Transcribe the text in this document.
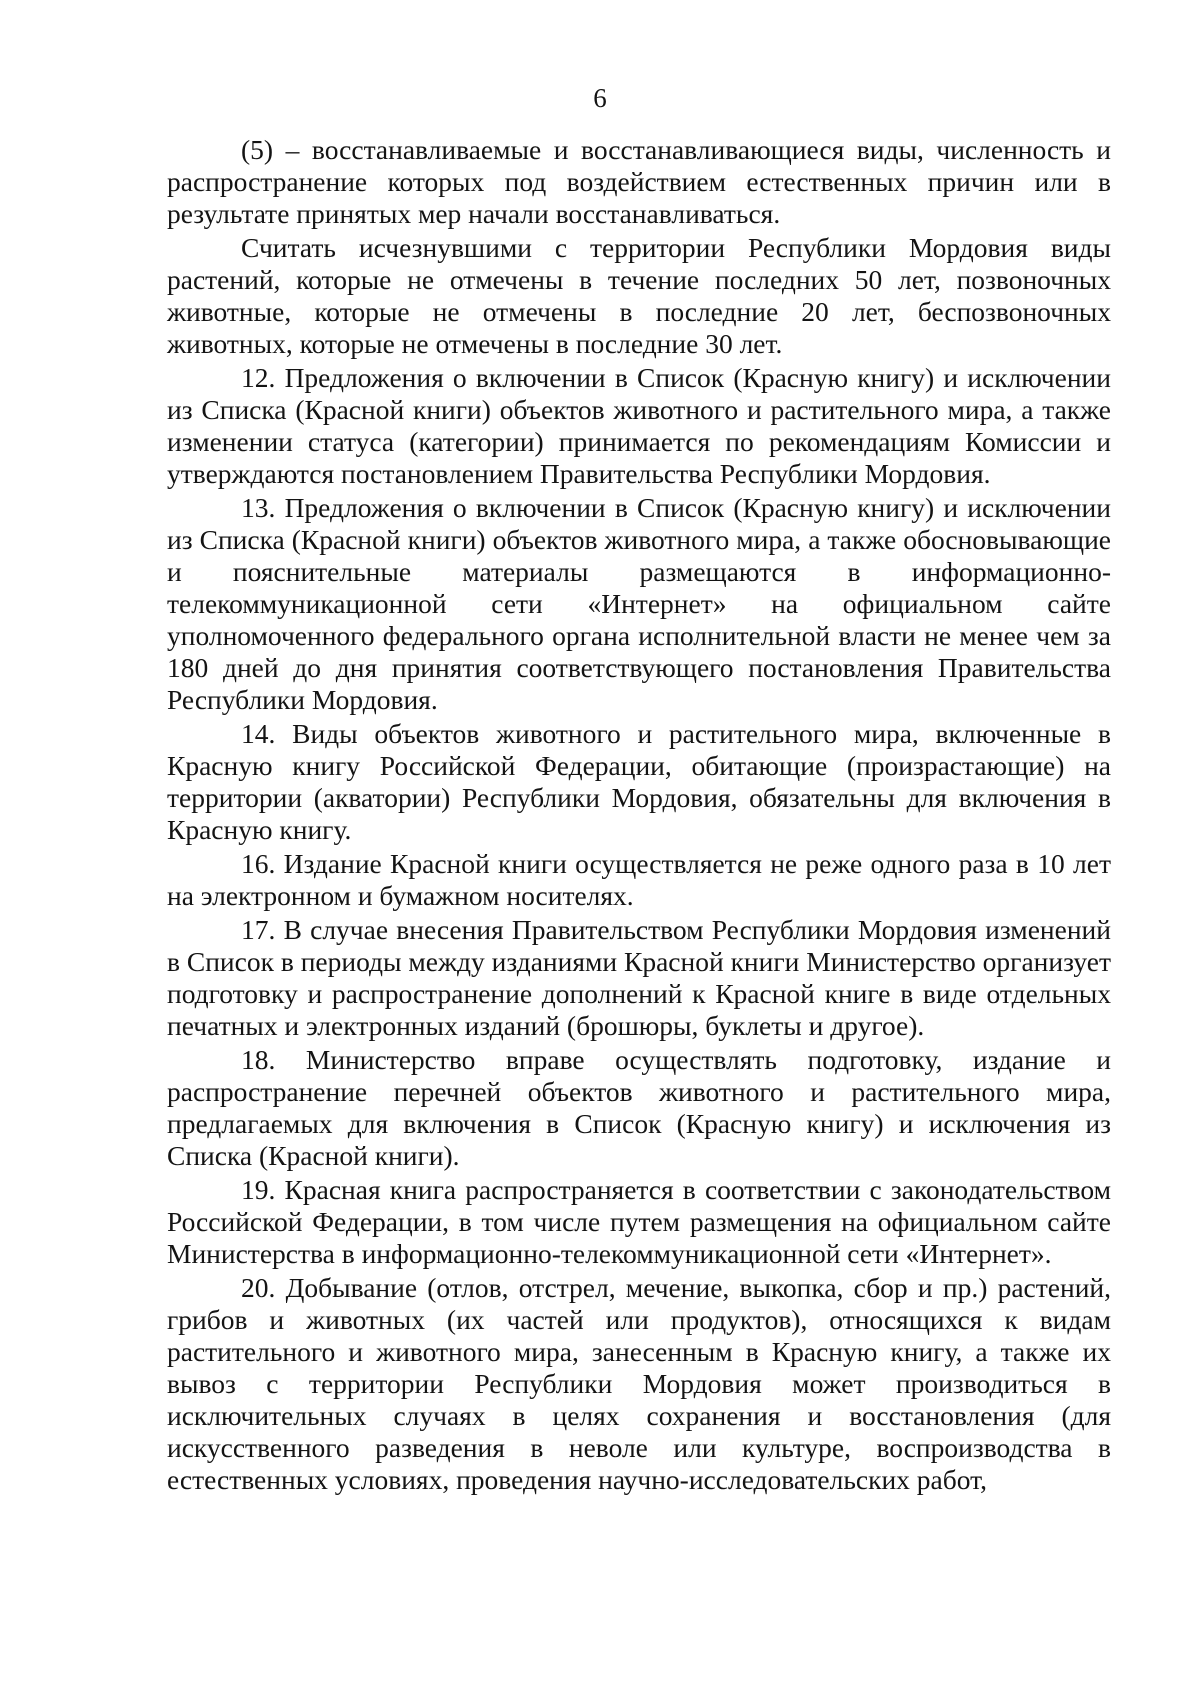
6

(5) – восстанавливаемые и восстанавливающиеся виды, численность и распространение которых под воздействием естественных причин или в результате принятых мер начали восстанавливаться.

Считать исчезнувшими с территории Республики Мордовия виды растений, которые не отмечены в течение последних 50 лет, позвоночных животные, которые не отмечены в последние 20 лет, беспозвоночных животных, которые не отмечены в последние 30 лет.

12. Предложения о включении в Список (Красную книгу) и исключении из Списка (Красной книги) объектов животного и растительного мира, а также изменении статуса (категории) принимается по рекомендациям Комиссии и утверждаются постановлением Правительства Республики Мордовия.

13. Предложения о включении в Список (Красную книгу) и исключении из Списка (Красной книги) объектов животного мира, а также обосновывающие и пояснительные материалы размещаются в информационно-телекоммуникационной сети «Интернет» на официальном сайте уполномоченного федерального органа исполнительной власти не менее чем за 180 дней до дня принятия соответствующего постановления Правительства Республики Мордовия.

14. Виды объектов животного и растительного мира, включенные в Красную книгу Российской Федерации, обитающие (произрастающие) на территории (акватории) Республики Мордовия, обязательны для включения в Красную книгу.

16. Издание Красной книги осуществляется не реже одного раза в 10 лет на электронном и бумажном носителях.

17. В случае внесения Правительством Республики Мордовия изменений в Список в периоды между изданиями Красной книги Министерство организует подготовку и распространение дополнений к Красной книге в виде отдельных печатных и электронных изданий (брошюры, буклеты и другое).

18. Министерство вправе осуществлять подготовку, издание и распространение перечней объектов животного и растительного мира, предлагаемых для включения в Список (Красную книгу) и исключения из Списка (Красной книги).

19. Красная книга распространяется в соответствии с законодательством Российской Федерации, в том числе путем размещения на официальном сайте Министерства в информационно-телекоммуникационной сети «Интернет».

20. Добывание (отлов, отстрел, мечение, выкопка, сбор и пр.) растений, грибов и животных (их частей или продуктов), относящихся к видам растительного и животного мира, занесенным в Красную книгу, а также их вывоз с территории Республики Мордовия может производиться в исключительных случаях в целях сохранения и восстановления (для искусственного разведения в неволе или культуре, воспроизводства в естественных условиях, проведения научно-исследовательских работ,
